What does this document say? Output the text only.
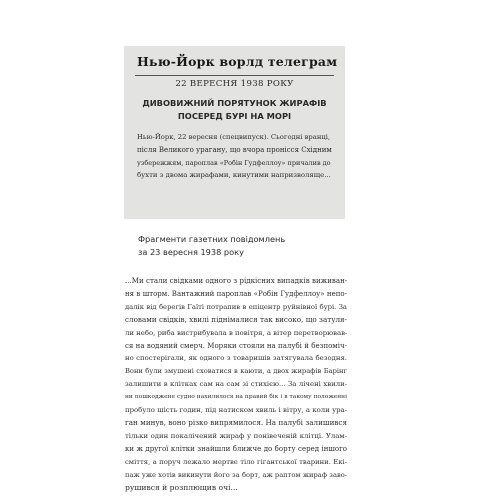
Нью-Йорк ворлд телеграм
22 ВЕРЕСНЯ 1938 РОКУ
ДИВОВИЖНИЙ ПОРЯТУНОК ЖИРАФІВ
ПОСЕРЕД БУРІ НА МОРІ
Нью-Йорк, 22 вересня (спецвипуск). Сьогодні вранці,
після Великого урагану, що вчора пронісся Східним
узбережжям, пароплав «Робін Гудфеллоу» причалив до
бухти з двома жирафами, кинутими напризволяще...
Фрагменти газетних повідомлень
за 23 вересня 1938 року
...Ми стали свідками одного з рідкісних випадків виживан-
ня в шторм. Вантажний пароплав «Робін Гудфеллоу» непо-
далік від берегів Гаїті потрапив в епіцентр руйнівної бурі. За
словами свідків, хвилі піднімалися так високо, що затуля-
ли небо, риба вистрибувала в повітря, а вітер перетворював-
ся на водяний смерч. Моряки стояли на палубі й безпоміч-
но спостерігали, як одного з товаришів затягувала безодня.
Вони були змушені сховатися в каюти, а двох жирафів Барінг
залишити в клітках сам на сам зі стихією... За лічені хвили-
ни пошкоджене судно нахилилося на правий бік і в такому положенні
пробуло шість годин, під натиском хвиль і вітру, а коли ура-
ган минув, воно різко випрямилося. На палубі залишився
тільки один покалічений жираф у понівеченій клітці. Улам-
ки ж другої клітки знайшли ближче до борту серед іншого
сміття, а поруч лежало мертве тіло гігантської тварини. Екі-
паж уже хотів викинути його за борт, аж раптом жираф заво-
рушився й розплющив очі...
